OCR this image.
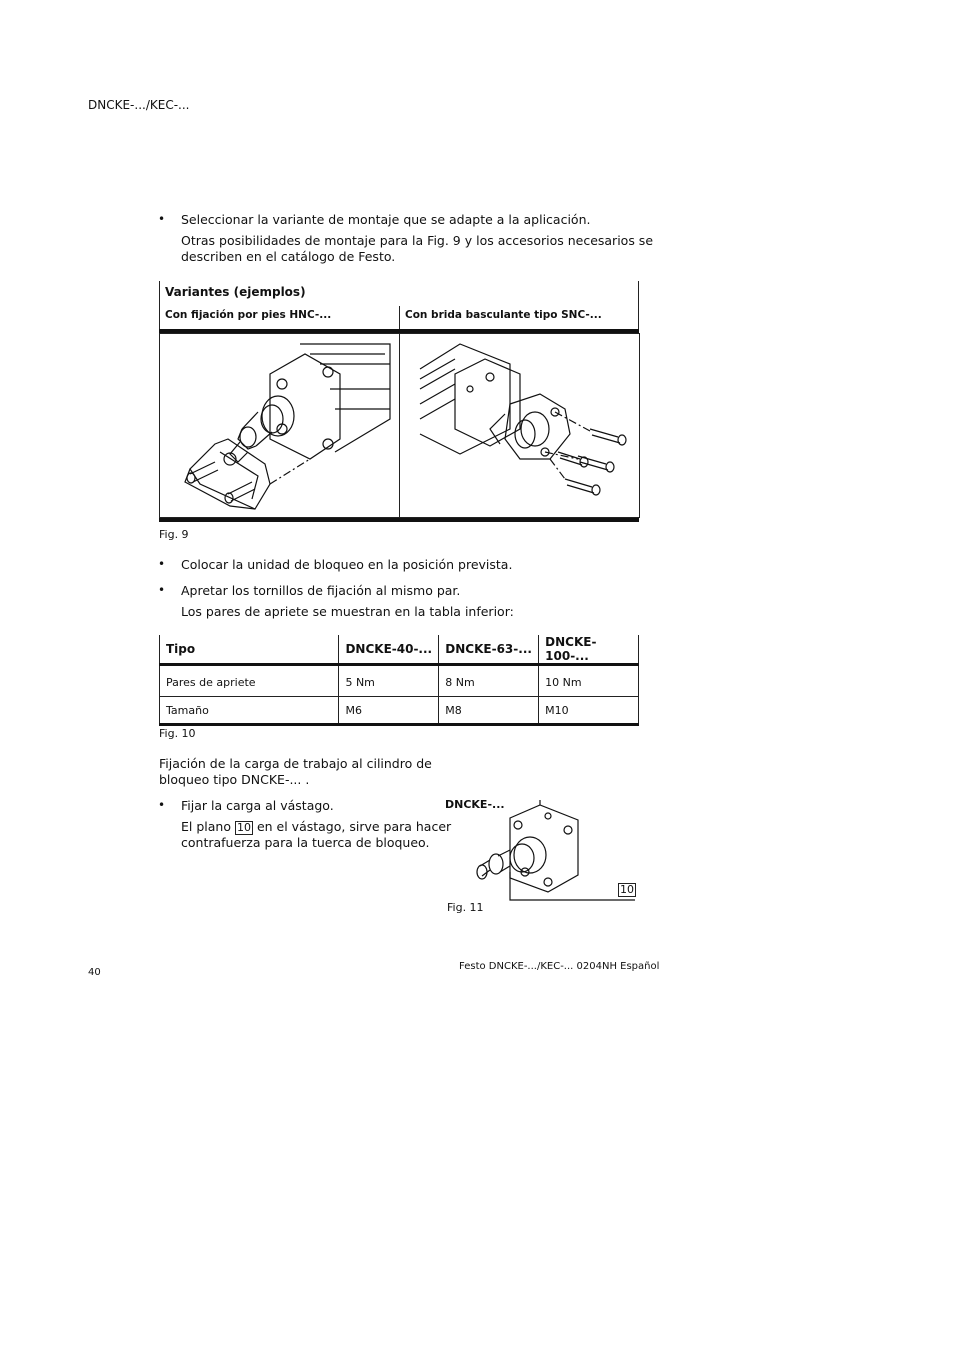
DNCKE-.../KEC-...
• Seleccionar la variante de montaje que se adapte a la aplicación.
Otras posibilidades de montaje para la Fig. 9 y los accesorios necesarios se
describen en el catálogo de Festo.
Variantes (ejemplos)
Con fijación por pies HNC-...	Con brida basculante tipo SNC-...
Fig. 9
• Colocar la unidad de bloqueo en la posición prevista.
• Apretar los tornillos de fijación al mismo par.
Los pares de apriete se muestran en la tabla inferior:
Tipo	DNCKE-40-...	DNCKE-63-...	DNCKE-100-...
Pares de apriete	5 Nm	8 Nm	10 Nm
Tamaño	M6	M8	M10
Fig. 10
Fijación de la carga de trabajo al cilindro de
bloqueo tipo DNCKE-... .
• Fijar la carga al vástago.
El plano 10 en el vástago, sirve para hacer
contrafuerza para la tuerca de bloqueo.
DNCKE-...
10
Fig. 11
40
Festo DNCKE-.../KEC-... 0204NH Español
